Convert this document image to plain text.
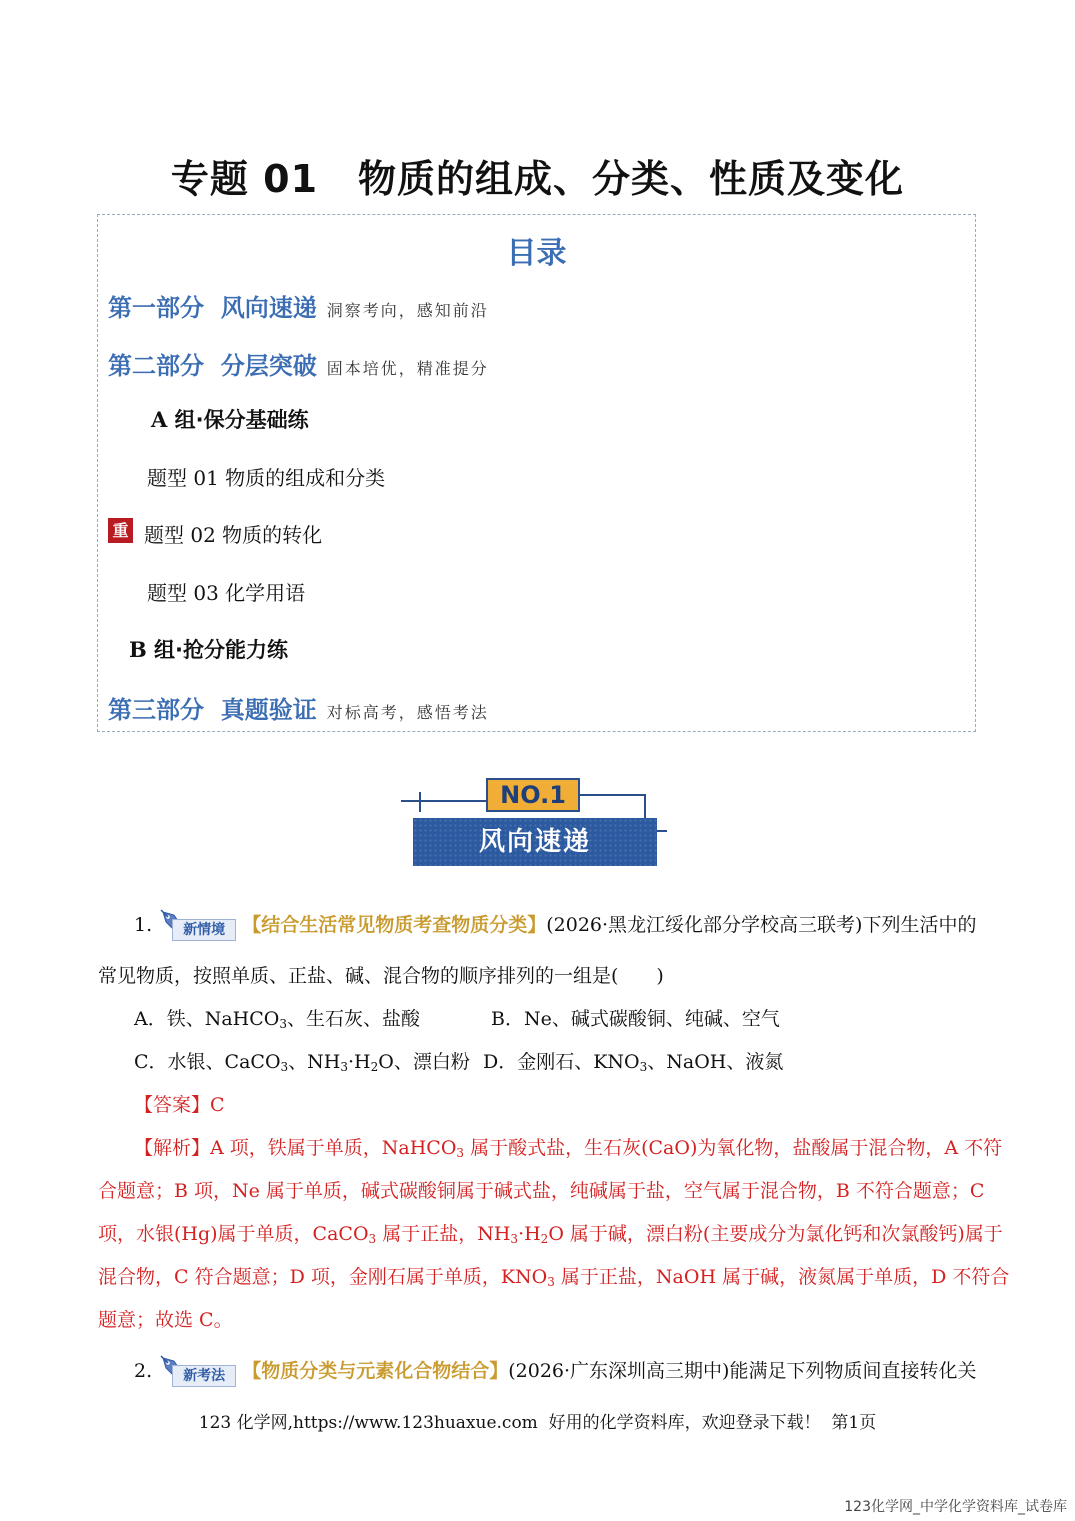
专题 01 物质的组成、分类、性质及变化
目录
第一部分  风向速递 洞察考向，感知前沿
第二部分  分层突破 固本培优，精准提分
A 组·保分基础练
题型 01 物质的组成和分类
重 题型 02 物质的转化
题型 03 化学用语
B 组·抢分能力练
第三部分  真题验证 对标高考，感悟考法
NO.1
风向速递
1.	新情境 【结合生活常见物质考查物质分类】(2026·黑龙江绥化部分学校高三联考)下列生活中的
常见物质，按照单质、正盐、碱、混合物的顺序排列的一组是(　　)
A．铁、NaHCO$_3$、生石灰、盐酸	B．Ne、碱式碳酸铜、纯碱、空气
C．水银、CaCO$_3$、$NH_3\cdot H_2O$、漂白粉 D．金刚石、$KNO_3$、NaOH、液氮
【答案】C
【解析】A 项，铁属于单质，NaHCO$_3$ 属于酸式盐，生石灰(CaO)为氧化物，盐酸属于混合物，A 不符
合题意；B 项，Ne 属于单质，碱式碳酸铜属于碱式盐，纯碱属于盐，空气属于混合物，B 不符合题意；C
项，水银(Hg)属于单质，CaCO$_3$ 属于正盐，$NH_3\cdot H_2O$ 属于碱，漂白粉(主要成分为氯化钙和次氯酸钙)属于
混合物，C 符合题意；D 项，金刚石属于单质，$KNO_3$ 属于正盐，NaOH 属于碱，液氮属于单质，D 不符合
题意；故选 C。
2.	新考法 【物质分类与元素化合物结合】(2026·广东深圳高三期中)能满足下列物质间直接转化关
123 化学网,https://www.123huaxue.com  好用的化学资料库，欢迎登录下载！  第1页
123化学网_中学化学资料库_试卷库
